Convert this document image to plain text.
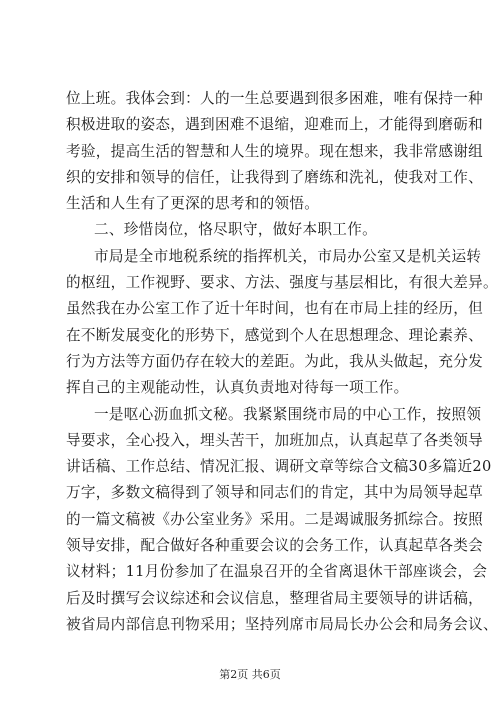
位上班。我体会到：人的一生总要遇到很多困难，唯有保持一种
积极进取的姿态，遇到困难不退缩，迎难而上，才能得到磨砺和
考验，提高生活的智慧和人生的境界。现在想来，我非常感谢组
织的安排和领导的信任，让我得到了磨练和洗礼，使我对工作、
生活和人生有了更深的思考和的领悟。
二、珍惜岗位，恪尽职守，做好本职工作。
市局是全市地税系统的指挥机关，市局办公室又是机关运转
的枢纽，工作视野、要求、方法、强度与基层相比，有很大差异。
虽然我在办公室工作了近十年时间，也有在市局上挂的经历，但
在不断发展变化的形势下，感觉到个人在思想理念、理论素养、
行为方法等方面仍存在较大的差距。为此，我从头做起，充分发
挥自己的主观能动性，认真负责地对待每一项工作。
一是呕心沥血抓文秘。我紧紧围绕市局的中心工作，按照领
导要求，全心投入，埋头苦干，加班加点，认真起草了各类领导
讲话稿、工作总结、情况汇报、调研文章等综合文稿30多篇近20
万字，多数文稿得到了领导和同志们的肯定，其中为局领导起草
的一篇文稿被《办公室业务》采用。二是竭诚服务抓综合。按照
领导安排，配合做好各种重要会议的会务工作，认真起草各类会
议材料；11月份参加了在温泉召开的全省离退休干部座谈会，会
后及时撰写会议综述和会议信息，整理省局主要领导的讲话稿，
被省局内部信息刊物采用；坚持列席市局局长办公会和局务会议、
第2页 共6页
